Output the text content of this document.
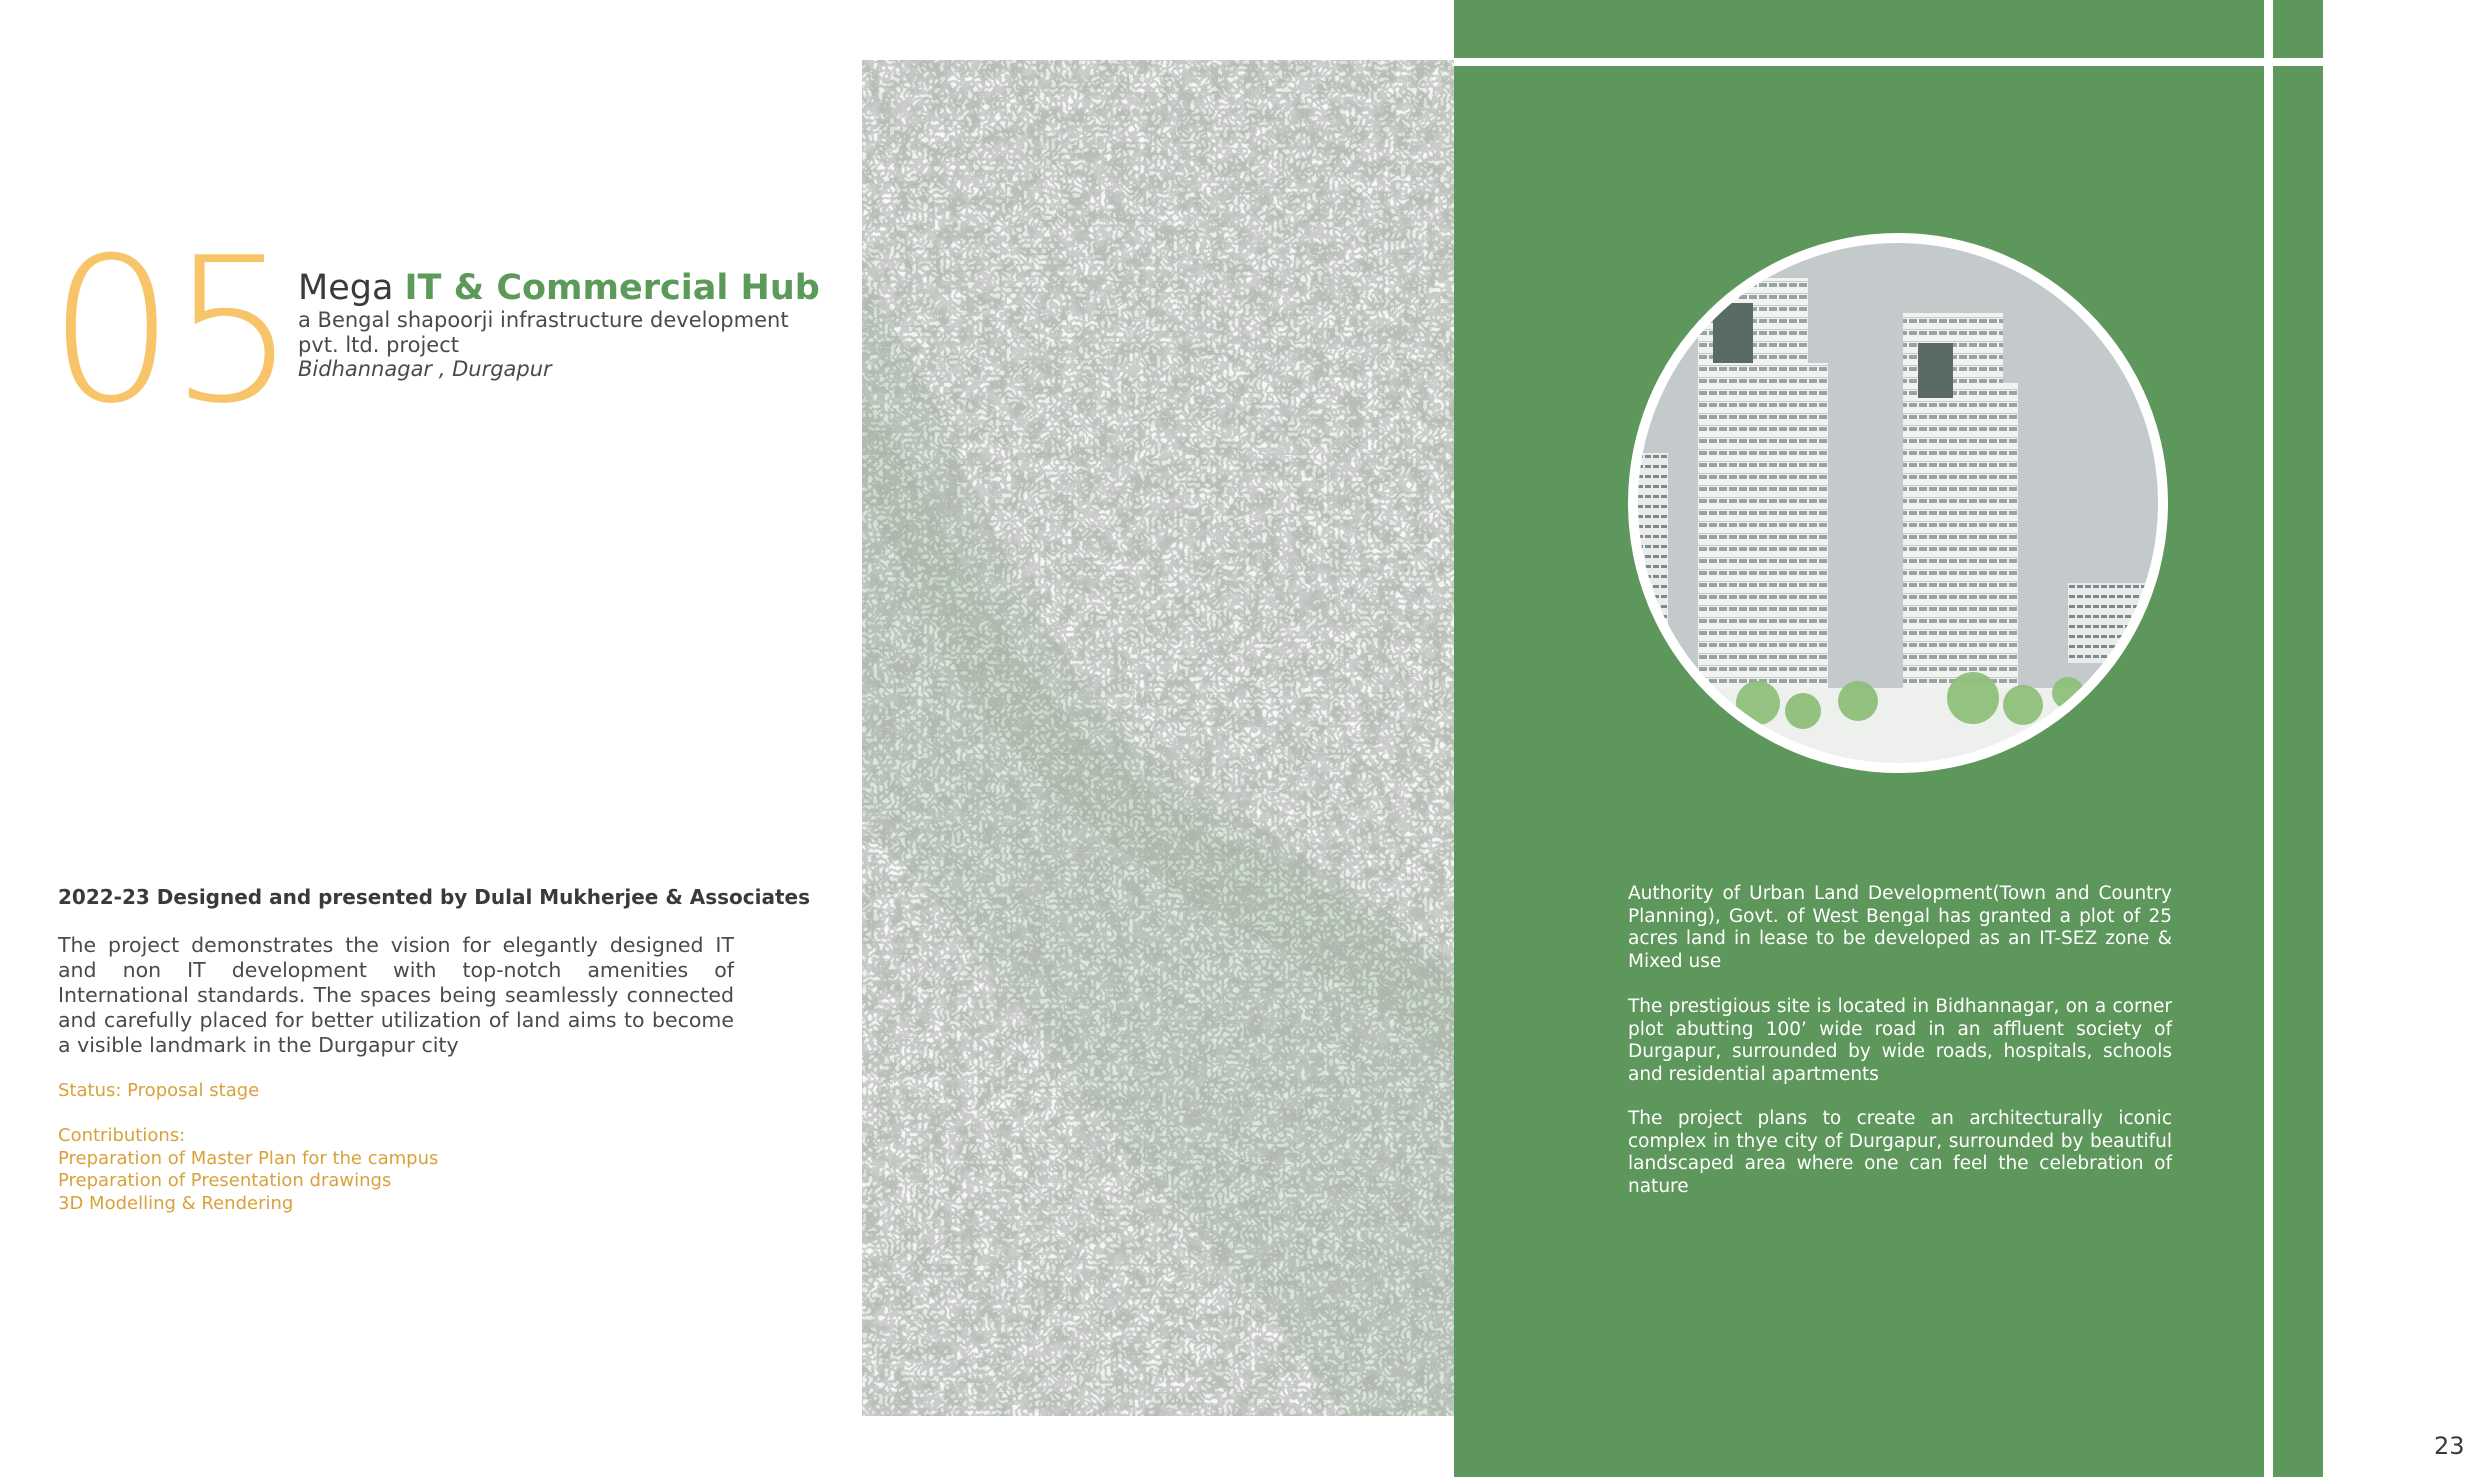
05 Mega IT & Commercial Hub
a Bengal shapoorji infrastructure development
pvt. ltd. project
Bidhannagar , Durgapur
2022-23 Designed and presented by Dulal Mukherjee & Associates
The project demonstrates the vision for elegantly designed IT and non IT development with top-notch amenities of International standards. The spaces being seamlessly connected and carefully placed for better utilization of land aims to become a visible landmark in the Durgapur city
Status: Proposal stage
Contributions:
Preparation of Master Plan for the campus
Preparation of Presentation drawings
3D Modelling & Rendering
Authority of Urban Land Development(Town and Country Planning), Govt. of West Bengal has granted a plot of 25 acres land in lease to be developed as an IT-SEZ zone & Mixed use
The prestigious site is located in Bidhannagar, on a corner plot abutting 100’ wide road in an affluent society of Durgapur, surrounded by wide roads, hospitals, schools and residential apartments
The project plans to create an architecturally iconic complex in thye city of Durgapur, surrounded by beautiful landscaped area where one can feel the celebration of nature
23
